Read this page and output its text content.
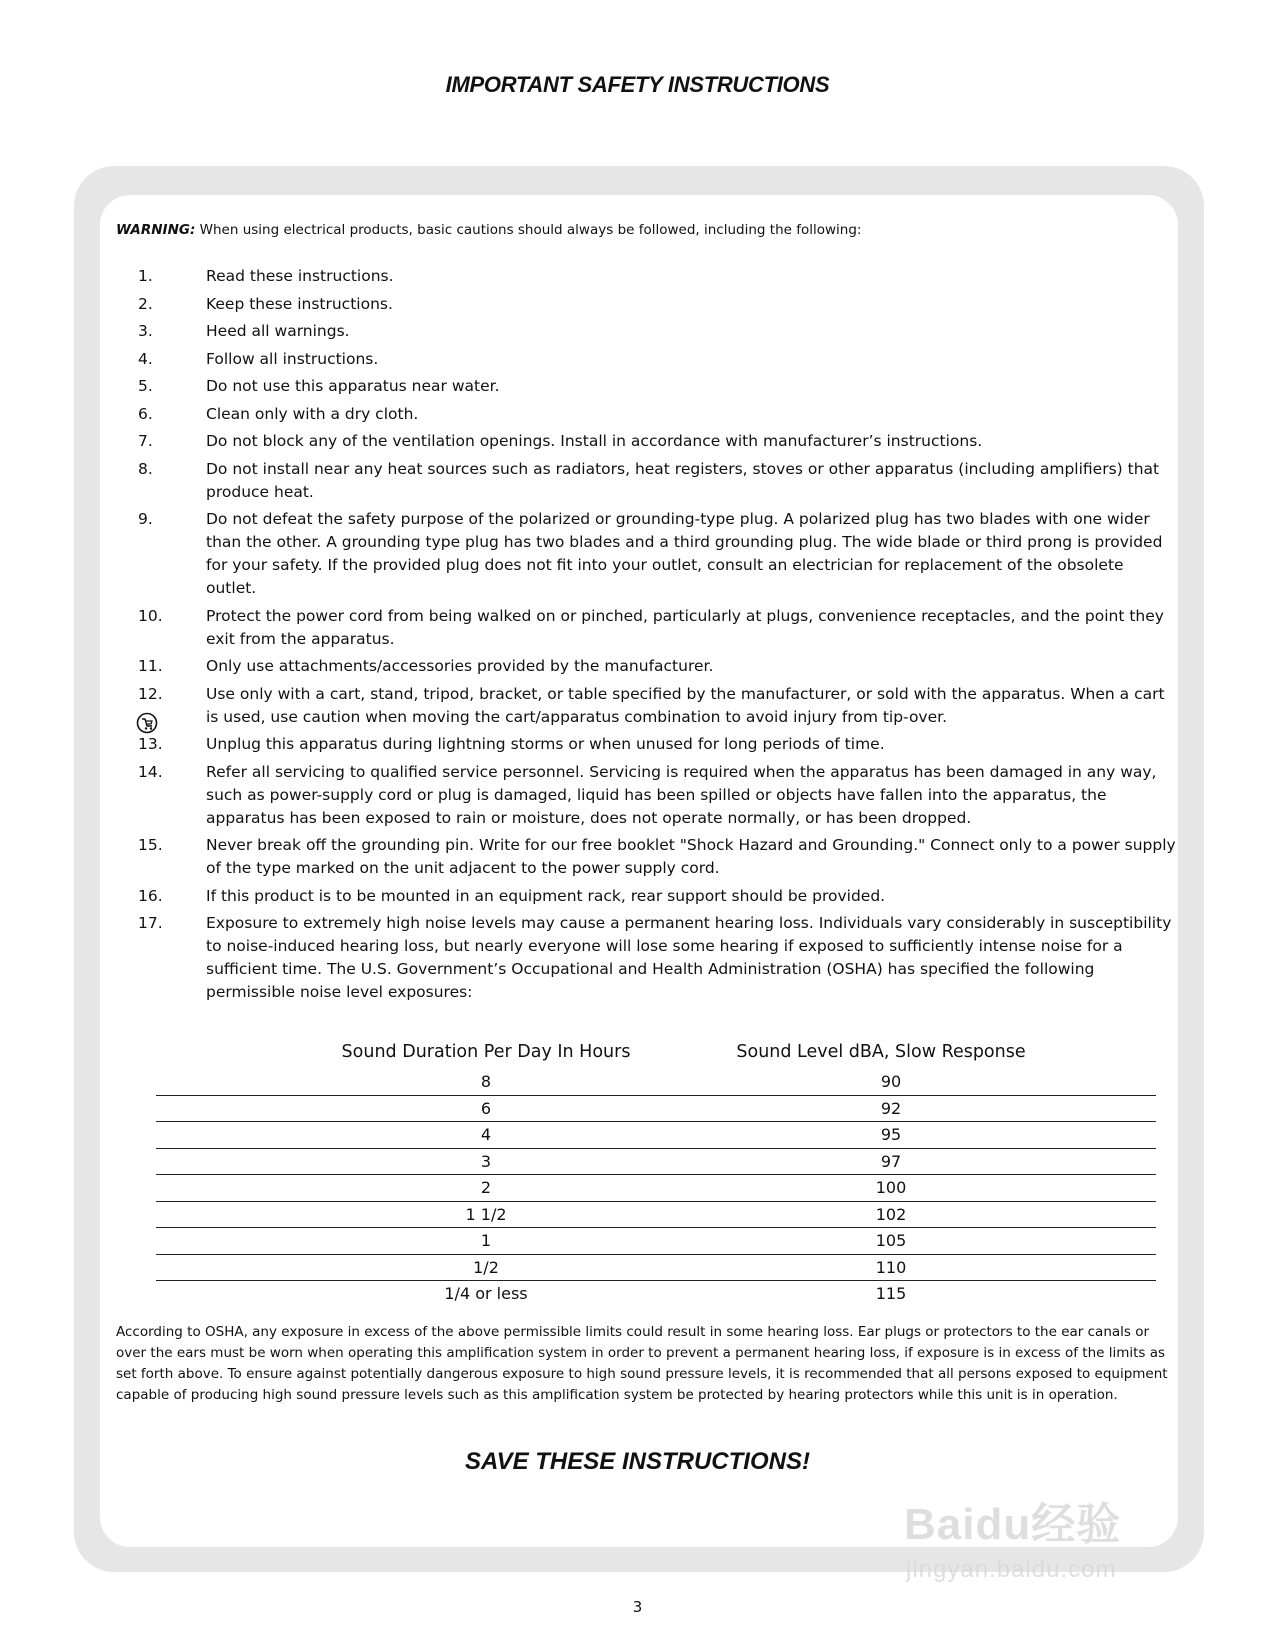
IMPORTANT SAFETY INSTRUCTIONS
WARNING: When using electrical products, basic cautions should always be followed, including the following:
1.	Read these instructions.
2.	Keep these instructions.
3.	Heed all warnings.
4.	Follow all instructions.
5.	Do not use this apparatus near water.
6.	Clean only with a dry cloth.
7.	Do not block any of the ventilation openings. Install in accordance with manufacturer’s instructions.
8.	Do not install near any heat sources such as radiators, heat registers, stoves or other apparatus (including amplifiers) that produce heat.
9.	Do not defeat the safety purpose of the polarized or grounding-type plug. A polarized plug has two blades with one wider than the other. A grounding type plug has two blades and a third grounding plug. The wide blade or third prong is provided for your safety. If the provided plug does not fit into your outlet, consult an electrician for replacement of the obsolete outlet.
10.	Protect the power cord from being walked on or pinched, particularly at plugs, convenience receptacles, and the point they exit from the apparatus.
11.	Only use attachments/accessories provided by the manufacturer.
12.	Use only with a cart, stand, tripod, bracket, or table specified by the manufacturer, or sold with the apparatus. When a cart is used, use caution when moving the cart/apparatus combination to avoid injury from tip-over.
13.	Unplug this apparatus during lightning storms or when unused for long periods of time.
14.	Refer all servicing to qualified service personnel. Servicing is required when the apparatus has been damaged in any way, such as power-supply cord or plug is damaged, liquid has been spilled or objects have fallen into the apparatus, the apparatus has been exposed to rain or moisture, does not operate normally, or has been dropped.
15.	Never break off the grounding pin. Write for our free booklet "Shock Hazard and Grounding." Connect only to a power supply of the type marked on the unit adjacent to the power supply cord.
16.	If this product is to be mounted in an equipment rack, rear support should be provided.
17.	Exposure to extremely high noise levels may cause a permanent hearing loss. Individuals vary considerably in susceptibility to noise-induced hearing loss, but nearly everyone will lose some hearing if exposed to sufficiently intense noise for a sufficient time. The U.S. Government’s Occupational and Health Administration (OSHA) has specified the following permissible noise level exposures:
Sound Duration Per Day In Hours	Sound Level dBA, Slow Response
8	90
6	92
4	95
3	97
2	100
1 1/2	102
1	105
1/2	110
1/4 or less	115
According to OSHA, any exposure in excess of the above permissible limits could result in some hearing loss. Ear plugs or protectors to the ear canals or over the ears must be worn when operating this amplification system in order to prevent a permanent hearing loss, if exposure is in excess of the limits as set forth above. To ensure against potentially dangerous exposure to high sound pressure levels, it is recommended that all persons exposed to equipment capable of producing high sound pressure levels such as this amplification system be protected by hearing protectors while this unit is in operation.
SAVE THESE INSTRUCTIONS!
Baidu经验
jingyan.baidu.com
3
